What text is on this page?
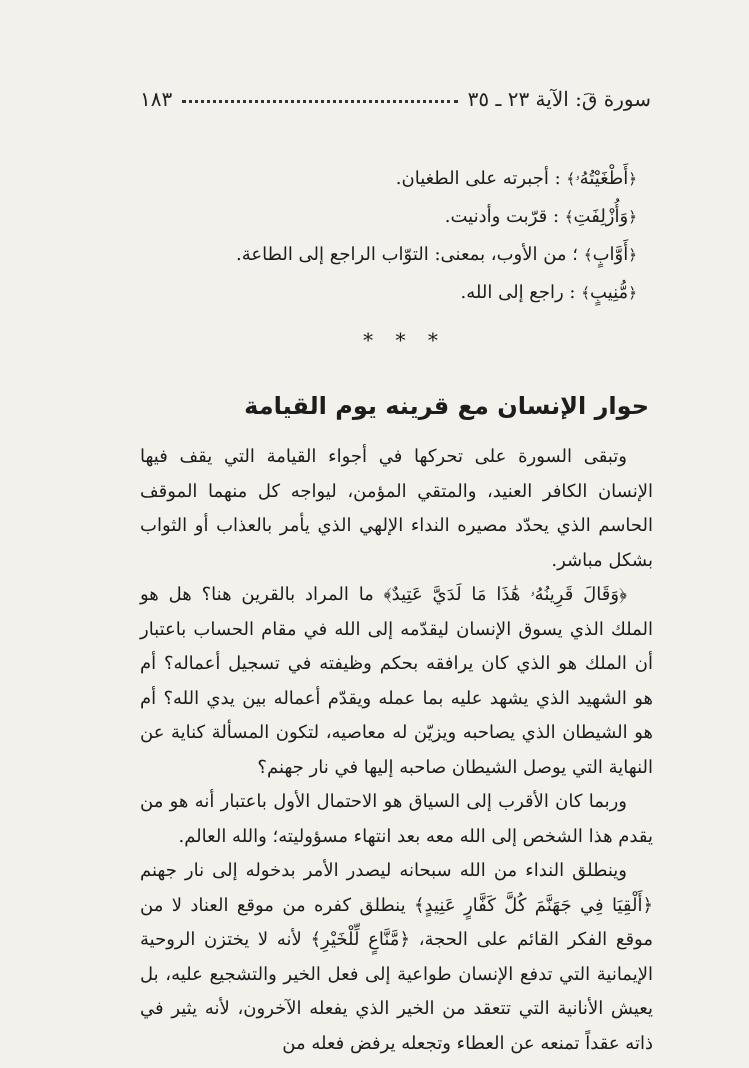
سورة قَ: الآية ٢٣ ـ ٣٥
١٨٣
﴿أَطْغَيْتُهُۥ﴾ : أجبرته على الطغيان.
﴿وَأُزْلِفَتِ﴾ : قرّبت وأدنيت.
﴿أَوَّابٍ﴾ ؛ من الأوب، بمعنى: التوّاب الراجع إلى الطاعة.
﴿مُّنِيبٍ﴾ : راجع إلى الله.
* * *
حوار الإنسان مع قرينه يوم القيامة

وتبقى السورة على تحركها في أجواء القيامة التي يقف فيها الإنسان الكافر العنيد، والمتقي المؤمن، ليواجه كل منهما الموقف الحاسم الذي يحدّد مصيره النداء الإلهي الذي يأمر بالعذاب أو الثواب بشكل مباشر.

﴿وَقَالَ قَرِينُهُۥ هَٰذَا مَا لَدَيَّ عَتِيدٌ﴾ ما المراد بالقرين هنا؟ هل هو الملك الذي يسوق الإنسان ليقدّمه إلى الله في مقام الحساب باعتبار أن الملك هو الذي كان يرافقه بحكم وظيفته في تسجيل أعماله؟ أم هو الشهيد الذي يشهد عليه بما عمله ويقدّم أعماله بين يدي الله؟ أم هو الشيطان الذي يصاحبه ويزيّن له معاصيه، لتكون المسألة كناية عن النهاية التي يوصل الشيطان صاحبه إليها في نار جهنم؟

وربما كان الأقرب إلى السياق هو الاحتمال الأول باعتبار أنه هو من يقدم هذا الشخص إلى الله معه بعد انتهاء مسؤوليته؛ والله العالم.

وينطلق النداء من الله سبحانه ليصدر الأمر بدخوله إلى نار جهنم ﴿أَلْقِيَا فِي جَهَنَّمَ كُلَّ كَفَّارٍ عَنِيدٍ﴾ ينطلق كفره من موقع العناد لا من موقع الفكر القائم على الحجة، ﴿مَّنَّاعٍ لِّلْخَيْرِ﴾ لأنه لا يختزن الروحية الإيمانية التي تدفع الإنسان طواعية إلى فعل الخير والتشجيع عليه، بل يعيش الأنانية التي تتعقد من الخير الذي يفعله الآخرون، لأنه يثير في ذاته عقداً تمنعه عن العطاء وتجعله يرفض فعله من
